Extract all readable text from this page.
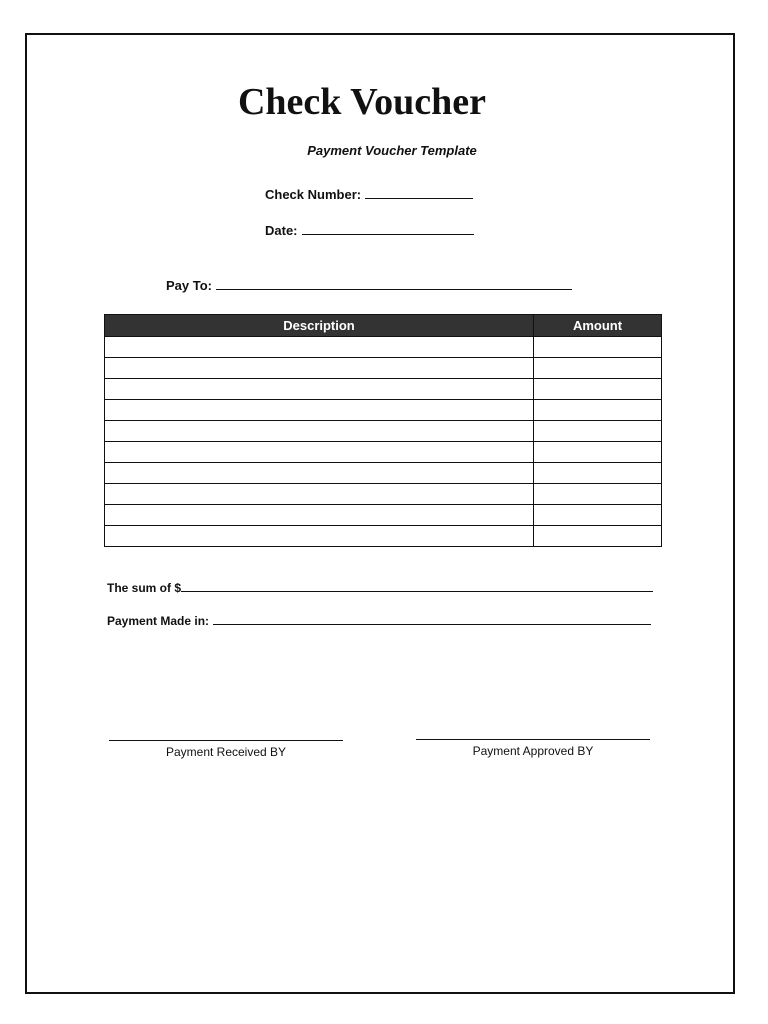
Check Voucher
Payment Voucher Template
Check Number:
Date:
Pay To:
Description	Amount

The sum of $
Payment Made in:
Payment Received BY	Payment Approved BY
